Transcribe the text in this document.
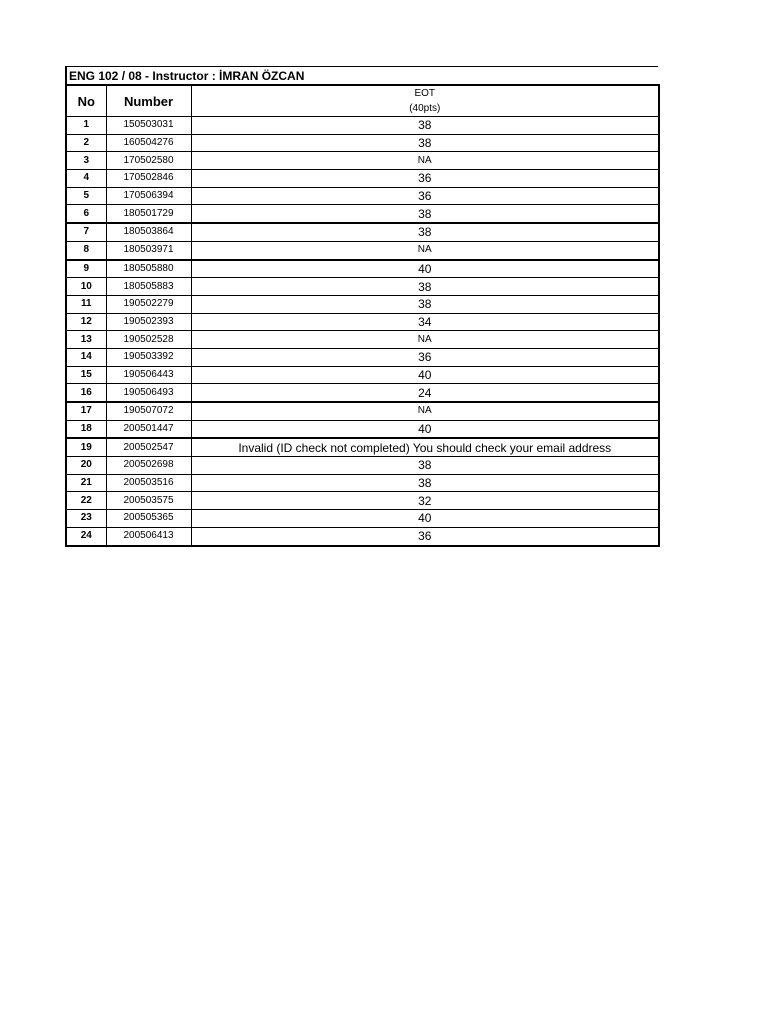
ENG 102 / 08 - Instructor : İMRAN ÖZCAN
No	Number	EOT
(40pts)

1	150503031	38
2	160504276	38
3	170502580	NA
4	170502846	36
5	170506394	36
6	180501729	38
7	180503864	38
8	180503971	NA
9	180505880	40
10	180505883	38
11	190502279	38
12	190502393	34
13	190502528	NA
14	190503392	36
15	190506443	40
16	190506493	24
17	190507072	NA
18	200501447	40
19	200502547	Invalid (ID check not completed) You should check your email address
20	200502698	38
21	200503516	38
22	200503575	32
23	200505365	40
24	200506413	36
